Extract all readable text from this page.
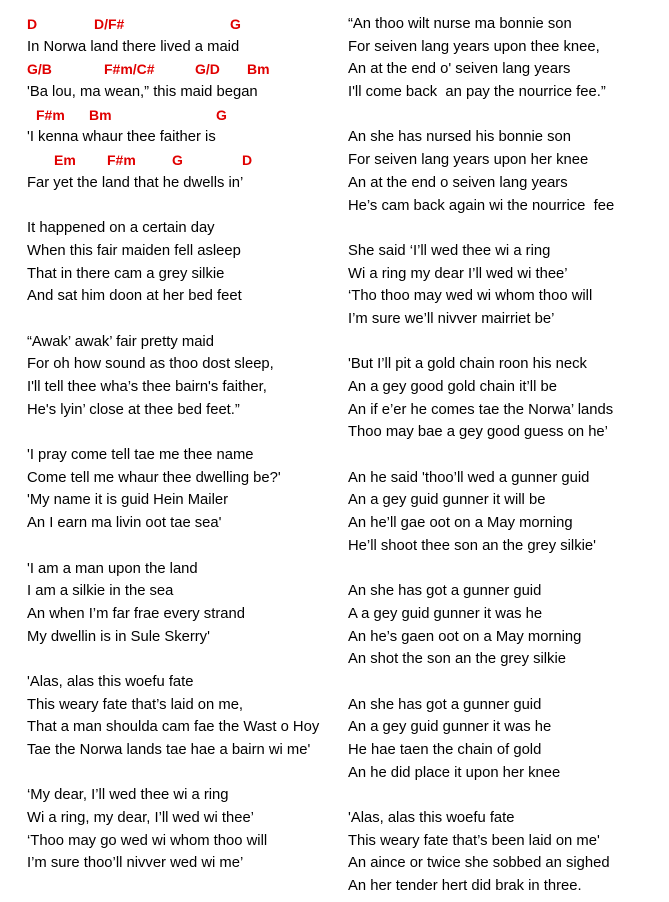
D	D/F#	G
In Norwa land there lived a maid
G/B	F#m/C#	G/D Bm
'Ba lou, ma wean,” this maid began
F#m Bm	G
'I kenna whaur thee faither is
Em F#m	G	D
Far yet the land that he dwells in’
It happened on a certain day
When this fair maiden fell asleep
That in there cam a grey silkie
And sat him doon at her bed feet
“Awak’ awak’ fair pretty maid
For oh how sound as thoo dost sleep,
I'll tell thee wha’s thee bairn's faither,
He's lyin’ close at thee bed feet.”
'I pray come tell tae me thee name
Come tell me whaur thee dwelling be?'
'My name it is guid Hein Mailer
An I earn ma livin oot tae sea'
'I am a man upon the land
I am a silkie in the sea
An when I’m far frae every strand
My dwellin is in Sule Skerry'
'Alas, alas this woefu fate
This weary fate that’s laid on me,
That a man shoulda cam fae the Wast o Hoy
Tae the Norwa lands tae hae a bairn wi me'
‘My dear, I’ll wed thee wi a ring
Wi a ring, my dear, I’ll wed wi thee’
‘Thoo may go wed wi whom thoo will
I’m sure thoo’ll nivver wed wi me’
“An thoo wilt nurse ma bonnie son
For seiven lang years upon thee knee,
An at the end o' seiven lang years
I'll come back  an pay the nourrice fee.”
An she has nursed his bonnie son
For seiven lang years upon her knee
An at the end o seiven lang years
He’s cam back again wi the nourrice  fee
She said ‘I’ll wed thee wi a ring
Wi a ring my dear I’ll wed wi thee’
‘Tho thoo may wed wi whom thoo will
I’m sure we’ll nivver mairriet be’
'But I’ll pit a gold chain roon his neck
An a gey good gold chain it’ll be
An if e’er he comes tae the Norwa’ lands
Thoo may bae a gey good guess on he’
An he said 'thoo’ll wed a gunner guid
An a gey guid gunner it will be
An he’ll gae oot on a May morning
He’ll shoot thee son an the grey silkie'
An she has got a gunner guid
A a gey guid gunner it was he
An he’s gaen oot on a May morning
An shot the son an the grey silkie
An she has got a gunner guid
An a gey guid gunner it was he
He hae taen the chain of gold
An he did place it upon her knee
'Alas, alas this woefu fate
This weary fate that’s been laid on me'
An aince or twice she sobbed an sighed
An her tender hert did brak in three.
